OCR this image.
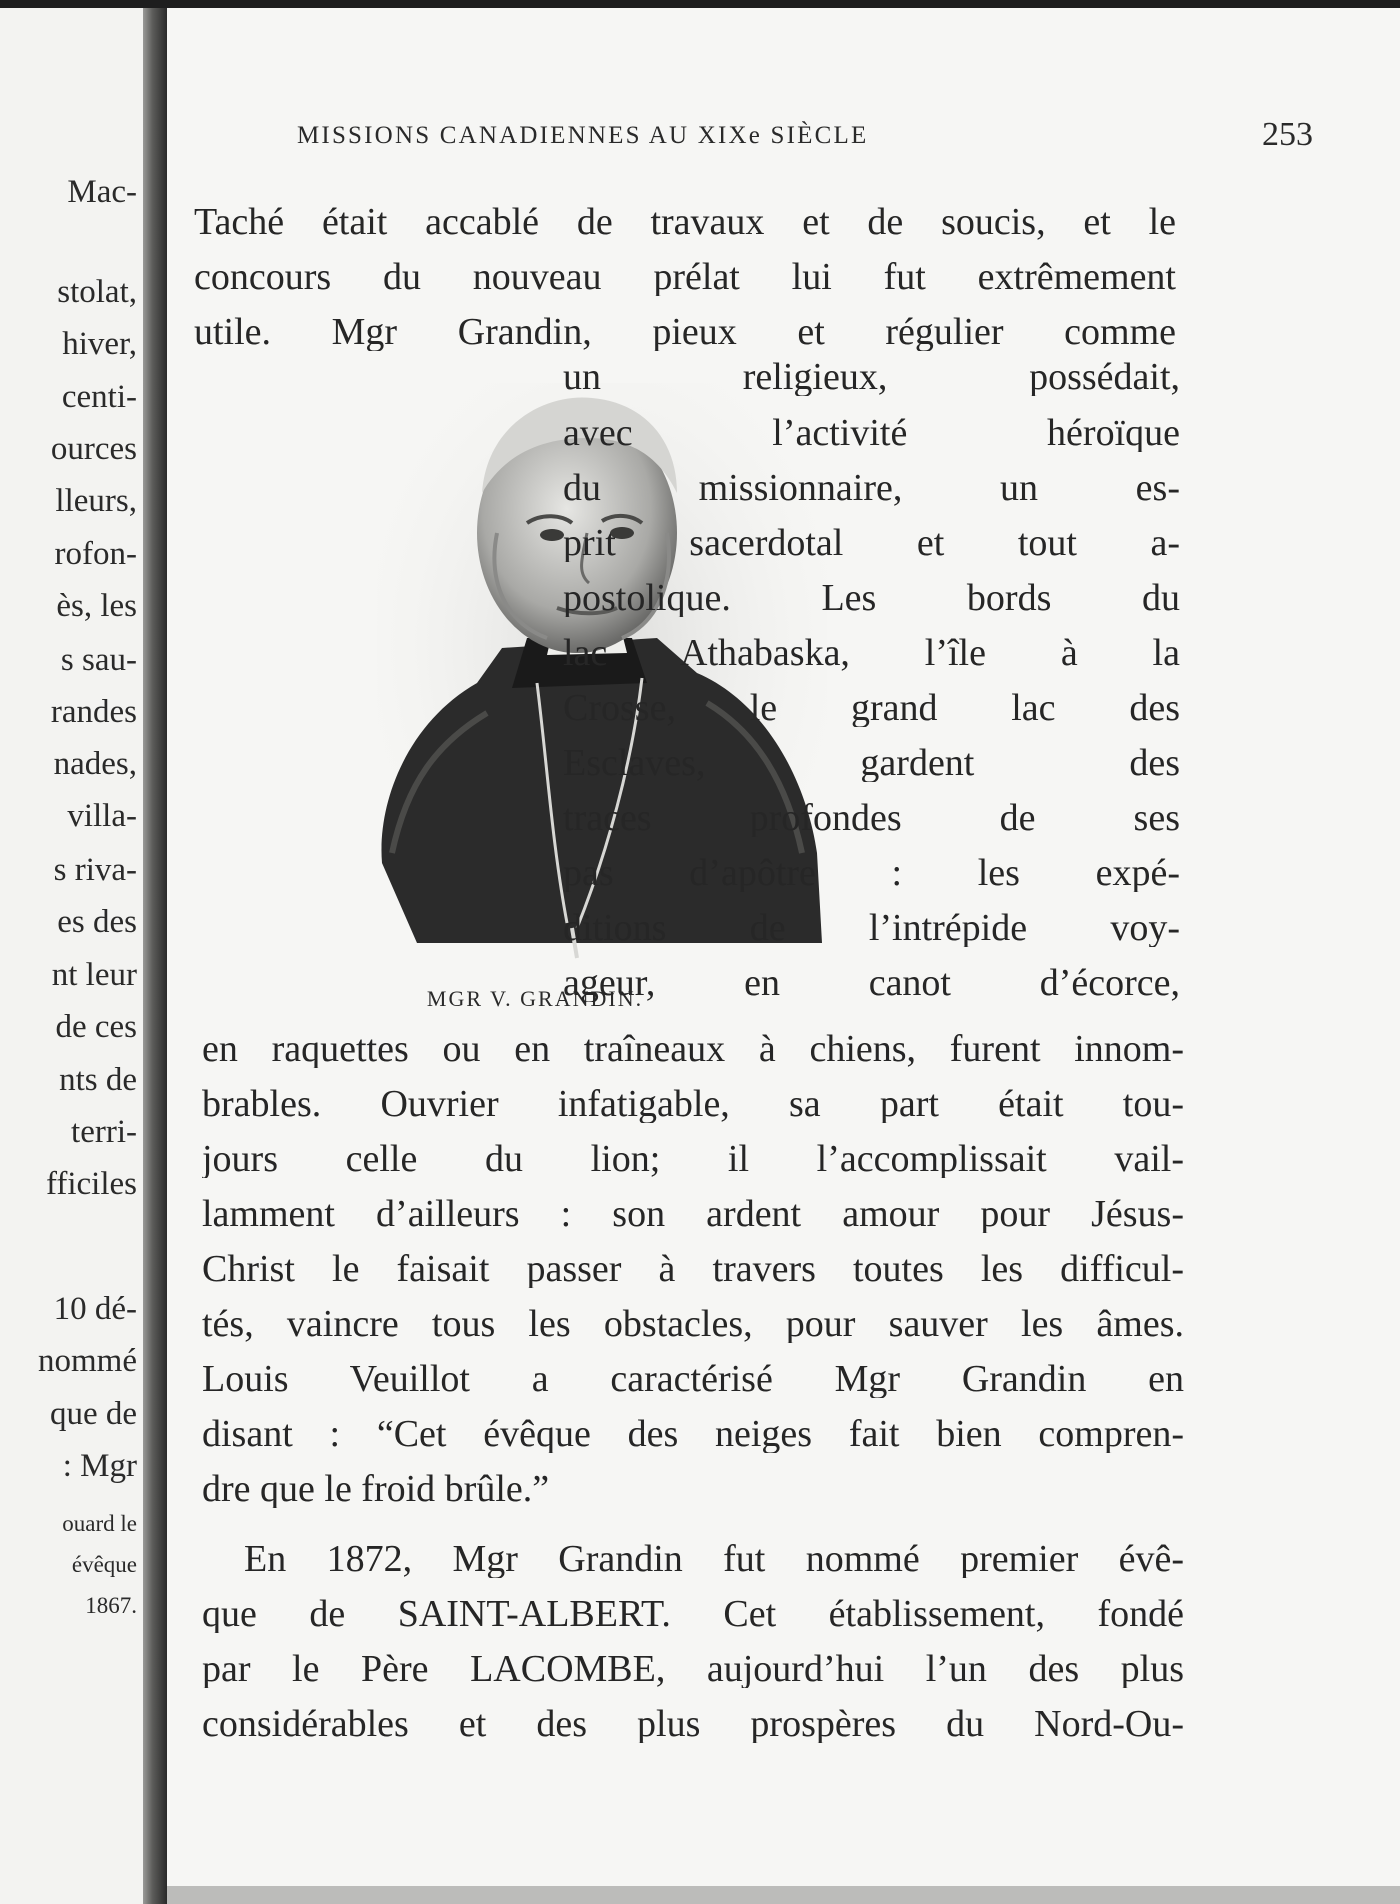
Mac-
stolat,
hiver,
centi-
ources
lleurs,
rofon-
ès, les
s sau-
randes
nades,
villa-
s riva-
es des
nt leur
de ces
nts de
terri-
fficiles
10 dé-
nommé
que de
: Mgr
ouard le
évêque
1867.
MISSIONS CANADIENNES AU XIXe SIÈCLE	253

Taché était accablé de travaux et de soucis, et le

concours du nouveau prélat lui fut extrêmement

utile. Mgr Grandin, pieux et régulier comme

MGR V. GRANDIN.

un religieux, possédait,

avec l’activité héroïque

du missionnaire, un es-

prit sacerdotal et tout a-

postolique. Les bords du

lac Athabaska, l’île à la

Crosse, le grand lac des

Esclaves, gardent des

traces profondes de ses

pas d’apôtre : les expé-

ditions de l’intrépide voy-

ageur, en canot d’écorce,

en raquettes ou en traîneaux à chiens, furent innom-

brables. Ouvrier infatigable, sa part était tou-

jours celle du lion; il l’accomplissait vail-

lamment d’ailleurs : son ardent amour pour Jésus-

Christ le faisait passer à travers toutes les difficul-

tés, vaincre tous les obstacles, pour sauver les âmes.

Louis Veuillot a caractérisé Mgr Grandin en

disant : “Cet évêque des neiges fait bien compren-

dre que le froid brûle.”

En 1872, Mgr Grandin fut nommé premier évê-

que de SAINT-ALBERT. Cet établissement, fondé

par le Père LACOMBE, aujourd’hui l’un des plus

considérables et des plus prospères du Nord-Ou-
